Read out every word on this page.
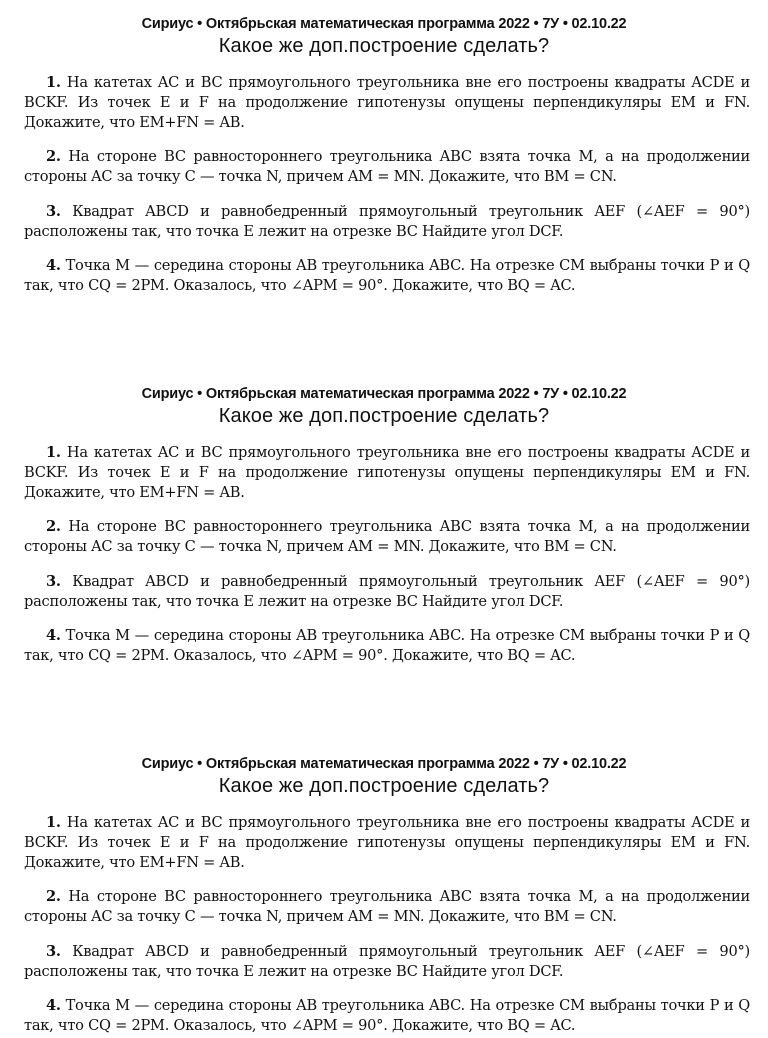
Сириус • Октябрьская математическая программа 2022 • 7У • 02.10.22
Какое же доп.построение сделать?

1. На катетах AC и BC прямоугольного треугольника вне его построены квадраты ACDE и BCKF. Из точек E и F на продолжение гипотенузы опущены перпендикуляры EM и FN. Докажите, что EM+FN = AB.

2. На стороне BC равностороннего треугольника ABC взята точка M, а на продолжении стороны AC за точку C — точка N, причем AM = MN. Докажите, что BM = CN.

3. Квадрат ABCD и равнобедренный прямоугольный треугольник AEF (∠AEF = 90°) расположены так, что точка E лежит на отрезке BC Найдите угол DCF.

4. Точка M — середина стороны AB треугольника ABC. На отрезке CM выбраны точки P и Q так, что CQ = 2PM. Оказалось, что ∠APM = 90°. Докажите, что BQ = AC.

Сириус • Октябрьская математическая программа 2022 • 7У • 02.10.22
Какое же доп.построение сделать?

1. На катетах AC и BC прямоугольного треугольника вне его построены квадраты ACDE и BCKF. Из точек E и F на продолжение гипотенузы опущены перпендикуляры EM и FN. Докажите, что EM+FN = AB.

2. На стороне BC равностороннего треугольника ABC взята точка M, а на продолжении стороны AC за точку C — точка N, причем AM = MN. Докажите, что BM = CN.

3. Квадрат ABCD и равнобедренный прямоугольный треугольник AEF (∠AEF = 90°) расположены так, что точка E лежит на отрезке BC Найдите угол DCF.

4. Точка M — середина стороны AB треугольника ABC. На отрезке CM выбраны точки P и Q так, что CQ = 2PM. Оказалось, что ∠APM = 90°. Докажите, что BQ = AC.

Сириус • Октябрьская математическая программа 2022 • 7У • 02.10.22
Какое же доп.построение сделать?

1. На катетах AC и BC прямоугольного треугольника вне его построены квадраты ACDE и BCKF. Из точек E и F на продолжение гипотенузы опущены перпендикуляры EM и FN. Докажите, что EM+FN = AB.

2. На стороне BC равностороннего треугольника ABC взята точка M, а на продолжении стороны AC за точку C — точка N, причем AM = MN. Докажите, что BM = CN.

3. Квадрат ABCD и равнобедренный прямоугольный треугольник AEF (∠AEF = 90°) расположены так, что точка E лежит на отрезке BC Найдите угол DCF.

4. Точка M — середина стороны AB треугольника ABC. На отрезке CM выбраны точки P и Q так, что CQ = 2PM. Оказалось, что ∠APM = 90°. Докажите, что BQ = AC.
